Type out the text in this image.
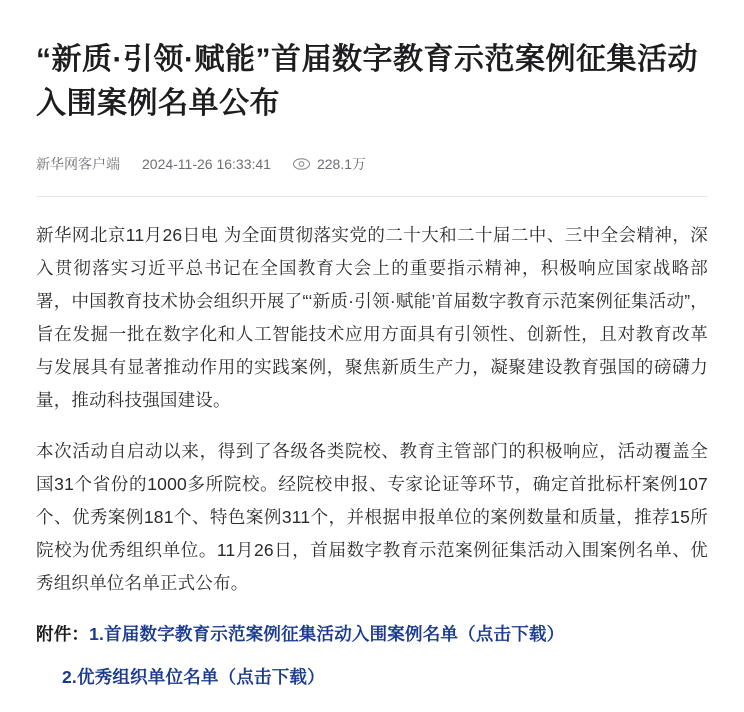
“新质·引领·赋能”首届数字教育示范案例征集活动入围案例名单公布
新华网客户端 2024-11-26 16:33:41	228.1万

新华网北京11月26日电 为全面贯彻落实党的二十大和二十届二中、三中全会精神，深入贯彻落实习近平总书记在全国教育大会上的重要指示精神，积极响应国家战略部署，中国教育技术协会组织开展了“‘新质·引领·赋能’首届数字教育示范案例征集活动”，旨在发掘一批在数字化和人工智能技术应用方面具有引领性、创新性，且对教育改革与发展具有显著推动作用的实践案例，聚焦新质生产力，凝聚建设教育强国的磅礴力量，推动科技强国建设。

本次活动自启动以来，得到了各级各类院校、教育主管部门的积极响应，活动覆盖全国31个省份的1000多所院校。经院校申报、专家论证等环节，确定首批标杆案例107个、优秀案例181个、特色案例311个，并根据申报单位的案例数量和质量，推荐15所院校为优秀组织单位。11月26日，首届数字教育示范案例征集活动入围案例名单、优秀组织单位名单正式公布。

附件：1.首届数字教育示范案例征集活动入围案例名单（点击下载）
2.优秀组织单位名单（点击下载）
